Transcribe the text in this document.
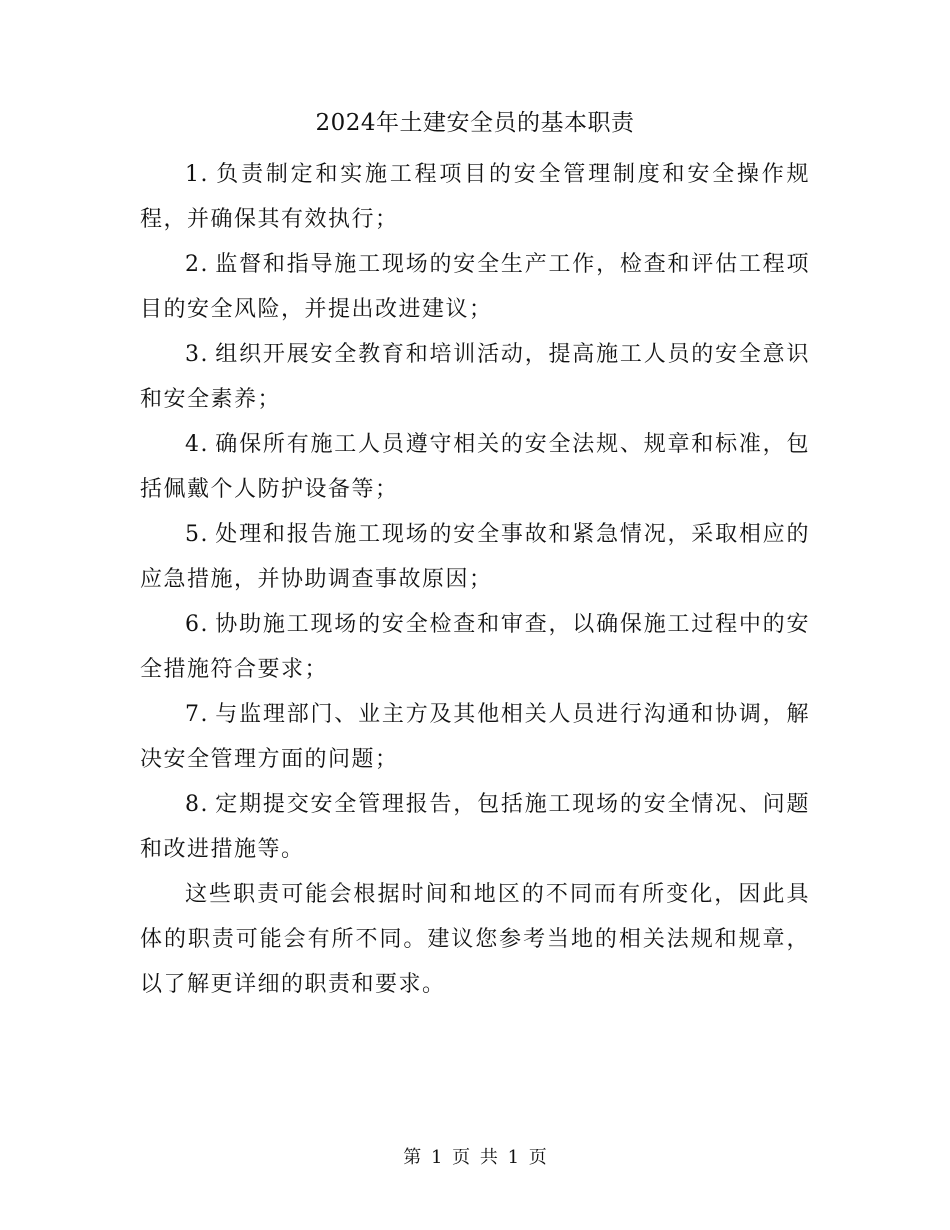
2024年土建安全员的基本职责

1. 负责制定和实施工程项目的安全管理制度和安全操作规程，并确保其有效执行；

2. 监督和指导施工现场的安全生产工作，检查和评估工程项目的安全风险，并提出改进建议；

3. 组织开展安全教育和培训活动，提高施工人员的安全意识和安全素养；

4. 确保所有施工人员遵守相关的安全法规、规章和标准，包括佩戴个人防护设备等；

5. 处理和报告施工现场的安全事故和紧急情况，采取相应的应急措施，并协助调查事故原因；

6. 协助施工现场的安全检查和审查，以确保施工过程中的安全措施符合要求；

7. 与监理部门、业主方及其他相关人员进行沟通和协调，解决安全管理方面的问题；

8. 定期提交安全管理报告，包括施工现场的安全情况、问题和改进措施等。

这些职责可能会根据时间和地区的不同而有所变化，因此具体的职责可能会有所不同。建议您参考当地的相关法规和规章，以了解更详细的职责和要求。

第 1 页 共 1 页
